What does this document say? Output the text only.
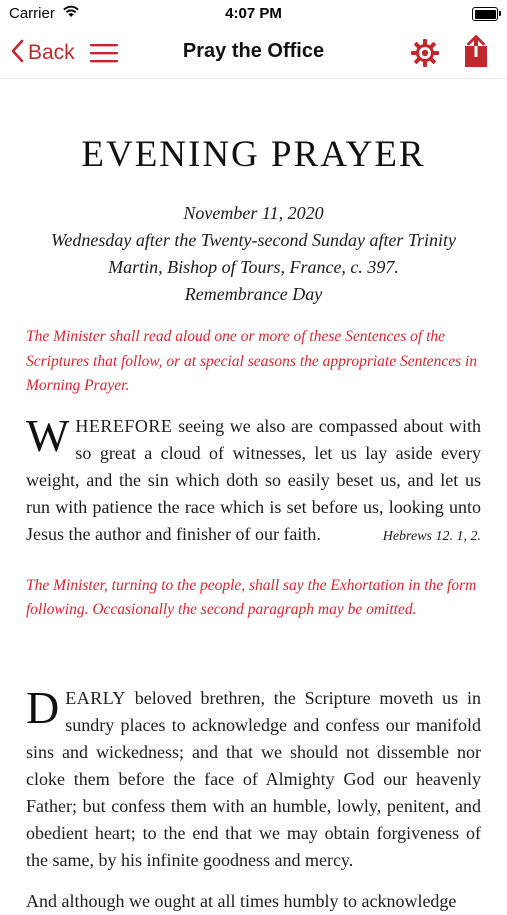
Carrier	4:07 PM
Back	Pray the Office
EVENING PRAYER
November 11, 2020
Wednesday after the Twenty-second Sunday after Trinity
Martin, Bishop of Tours, France, c. 397.
Remembrance Day

The Minister shall read aloud one or more of these Sentences of the Scriptures that follow, or at special seasons the appropriate Sentences in Morning Prayer.

WHEREFORE seeing we also are compassed about with so great a cloud of witnesses, let us lay aside every weight, and the sin which doth so easily beset us, and let us run with patience the race which is set before us, looking unto Jesus the author and finisher of our faith.	Hebrews 12. 1, 2.

The Minister, turning to the people, shall say the Exhortation in the form following. Occasionally the second paragraph may be omitted.

DEARLY beloved brethren, the Scripture moveth us in sundry places to acknowledge and confess our manifold sins and wickedness; and that we should not dissemble nor cloke them before the face of Almighty God our heavenly Father; but confess them with an humble, lowly, penitent, and obedient heart; to the end that we may obtain forgiveness of the same, by his infinite goodness and mercy.

And although we ought at all times humbly to acknowledge
